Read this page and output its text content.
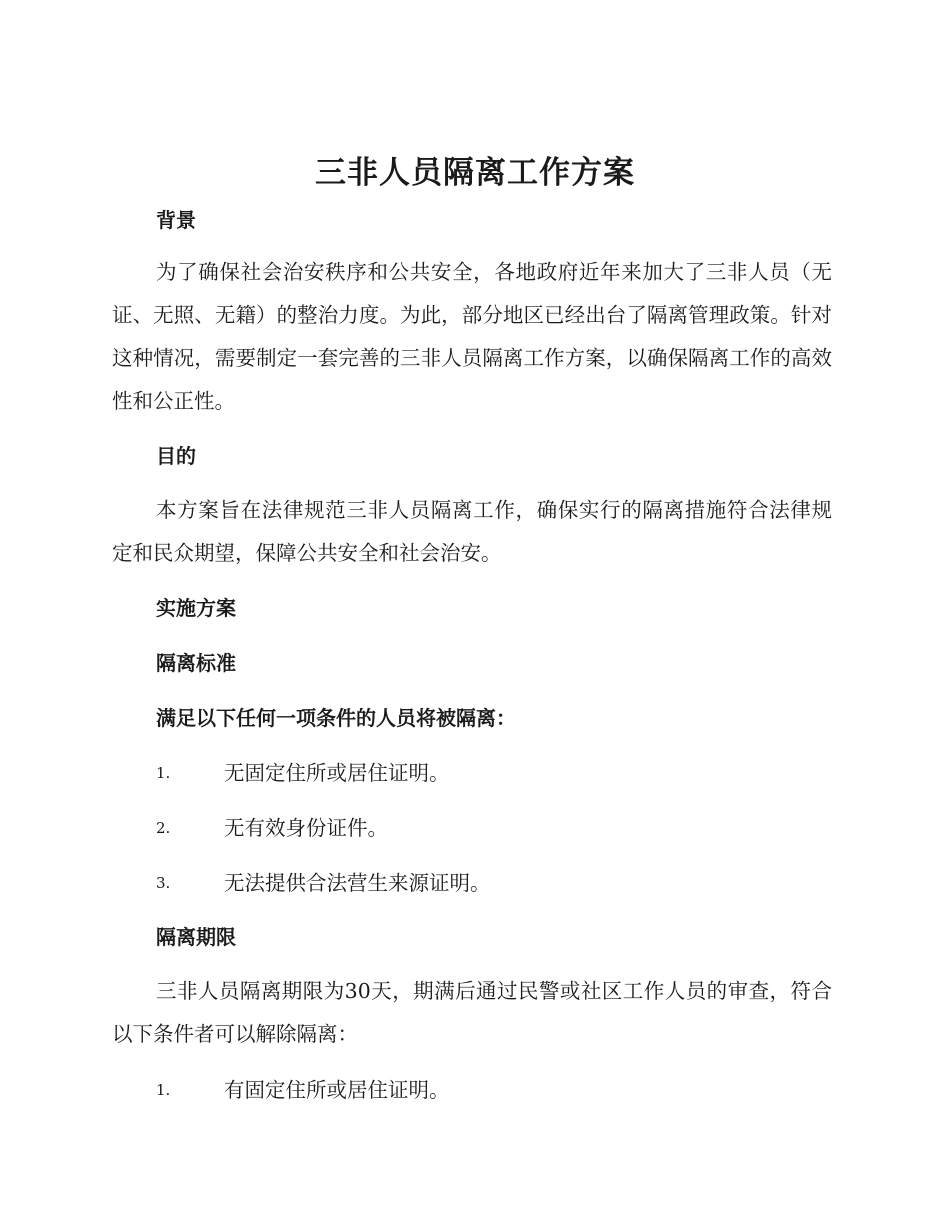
三非人员隔离工作方案
背景

为了确保社会治安秩序和公共安全，各地政府近年来加大了三非人员（无证、无照、无籍）的整治力度。为此，部分地区已经出台了隔离管理政策。针对这种情况，需要制定一套完善的三非人员隔离工作方案，以确保隔离工作的高效性和公正性。

目的

本方案旨在法律规范三非人员隔离工作，确保实行的隔离措施符合法律规定和民众期望，保障公共安全和社会治安。

实施方案
隔离标准
满足以下任何一项条件的人员将被隔离：
1.	无固定住所或居住证明。
2.	无有效身份证件。
3.	无法提供合法营生来源证明。
隔离期限

三非人员隔离期限为30天，期满后通过民警或社区工作人员的审查，符合以下条件者可以解除隔离：

1.	有固定住所或居住证明。
